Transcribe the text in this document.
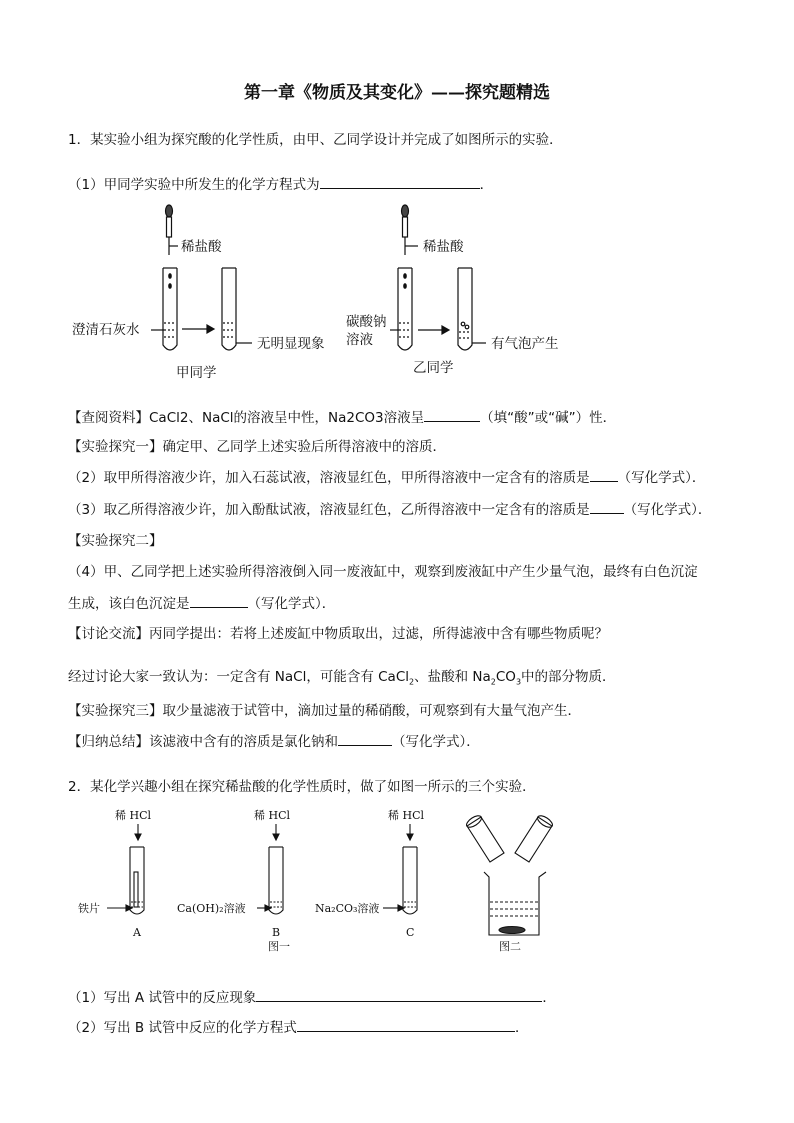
第一章《物质及其变化》——探究题精选
1．某实验小组为探究酸的化学性质，由甲、乙同学设计并完成了如图所示的实验．
（1）甲同学实验中所发生的化学方程式为	．
稀盐酸	稀盐酸
澄清石灰水
无明显现象
甲同学
碳酸钠
溶液	有气泡产生
乙同学
【查阅资料】CaCl2、NaCl的溶液呈中性，Na2CO3溶液呈	（填“酸”或“碱”）性．
【实验探究一】确定甲、乙同学上述实验后所得溶液中的溶质．
（2）取甲所得溶液少许，加入石蕊试液，溶液显红色，甲所得溶液中一定含有的溶质是 （写化学式）．
（3）取乙所得溶液少许，加入酚酞试液，溶液显红色，乙所得溶液中一定含有的溶质是	（写化学式）．
【实验探究二】
（4）甲、乙同学把上述实验所得溶液倒入同一废液缸中，观察到废液缸中产生少量气泡，最终有白色沉淀
生成，该白色沉淀是	（写化学式）．
【讨论交流】丙同学提出：若将上述废缸中物质取出，过滤，所得滤液中含有哪些物质呢？
经过讨论大家一致认为：一定含有 NaCl，可能含有 CaCl$_2$、盐酸和 $Na_2CO_3$中的部分物质．
【实验探究三】取少量滤液于试管中，滴加过量的稀硝酸，可观察到有大量气泡产生．
【归纳总结】该滤液中含有的溶质是氯化钠和	（写化学式）．
2．某化学兴趣小组在探究稀盐酸的化学性质时，做了如图一所示的三个实验．
稀 HCl	稀 HCl	稀 HCl
铁片	Ca(OH)₂溶液	Na₂CO₃溶液
A	B	C
图一	图二
（1）写出 A 试管中的反应现象	．
（2）写出 B 试管中反应的化学方程式	．
